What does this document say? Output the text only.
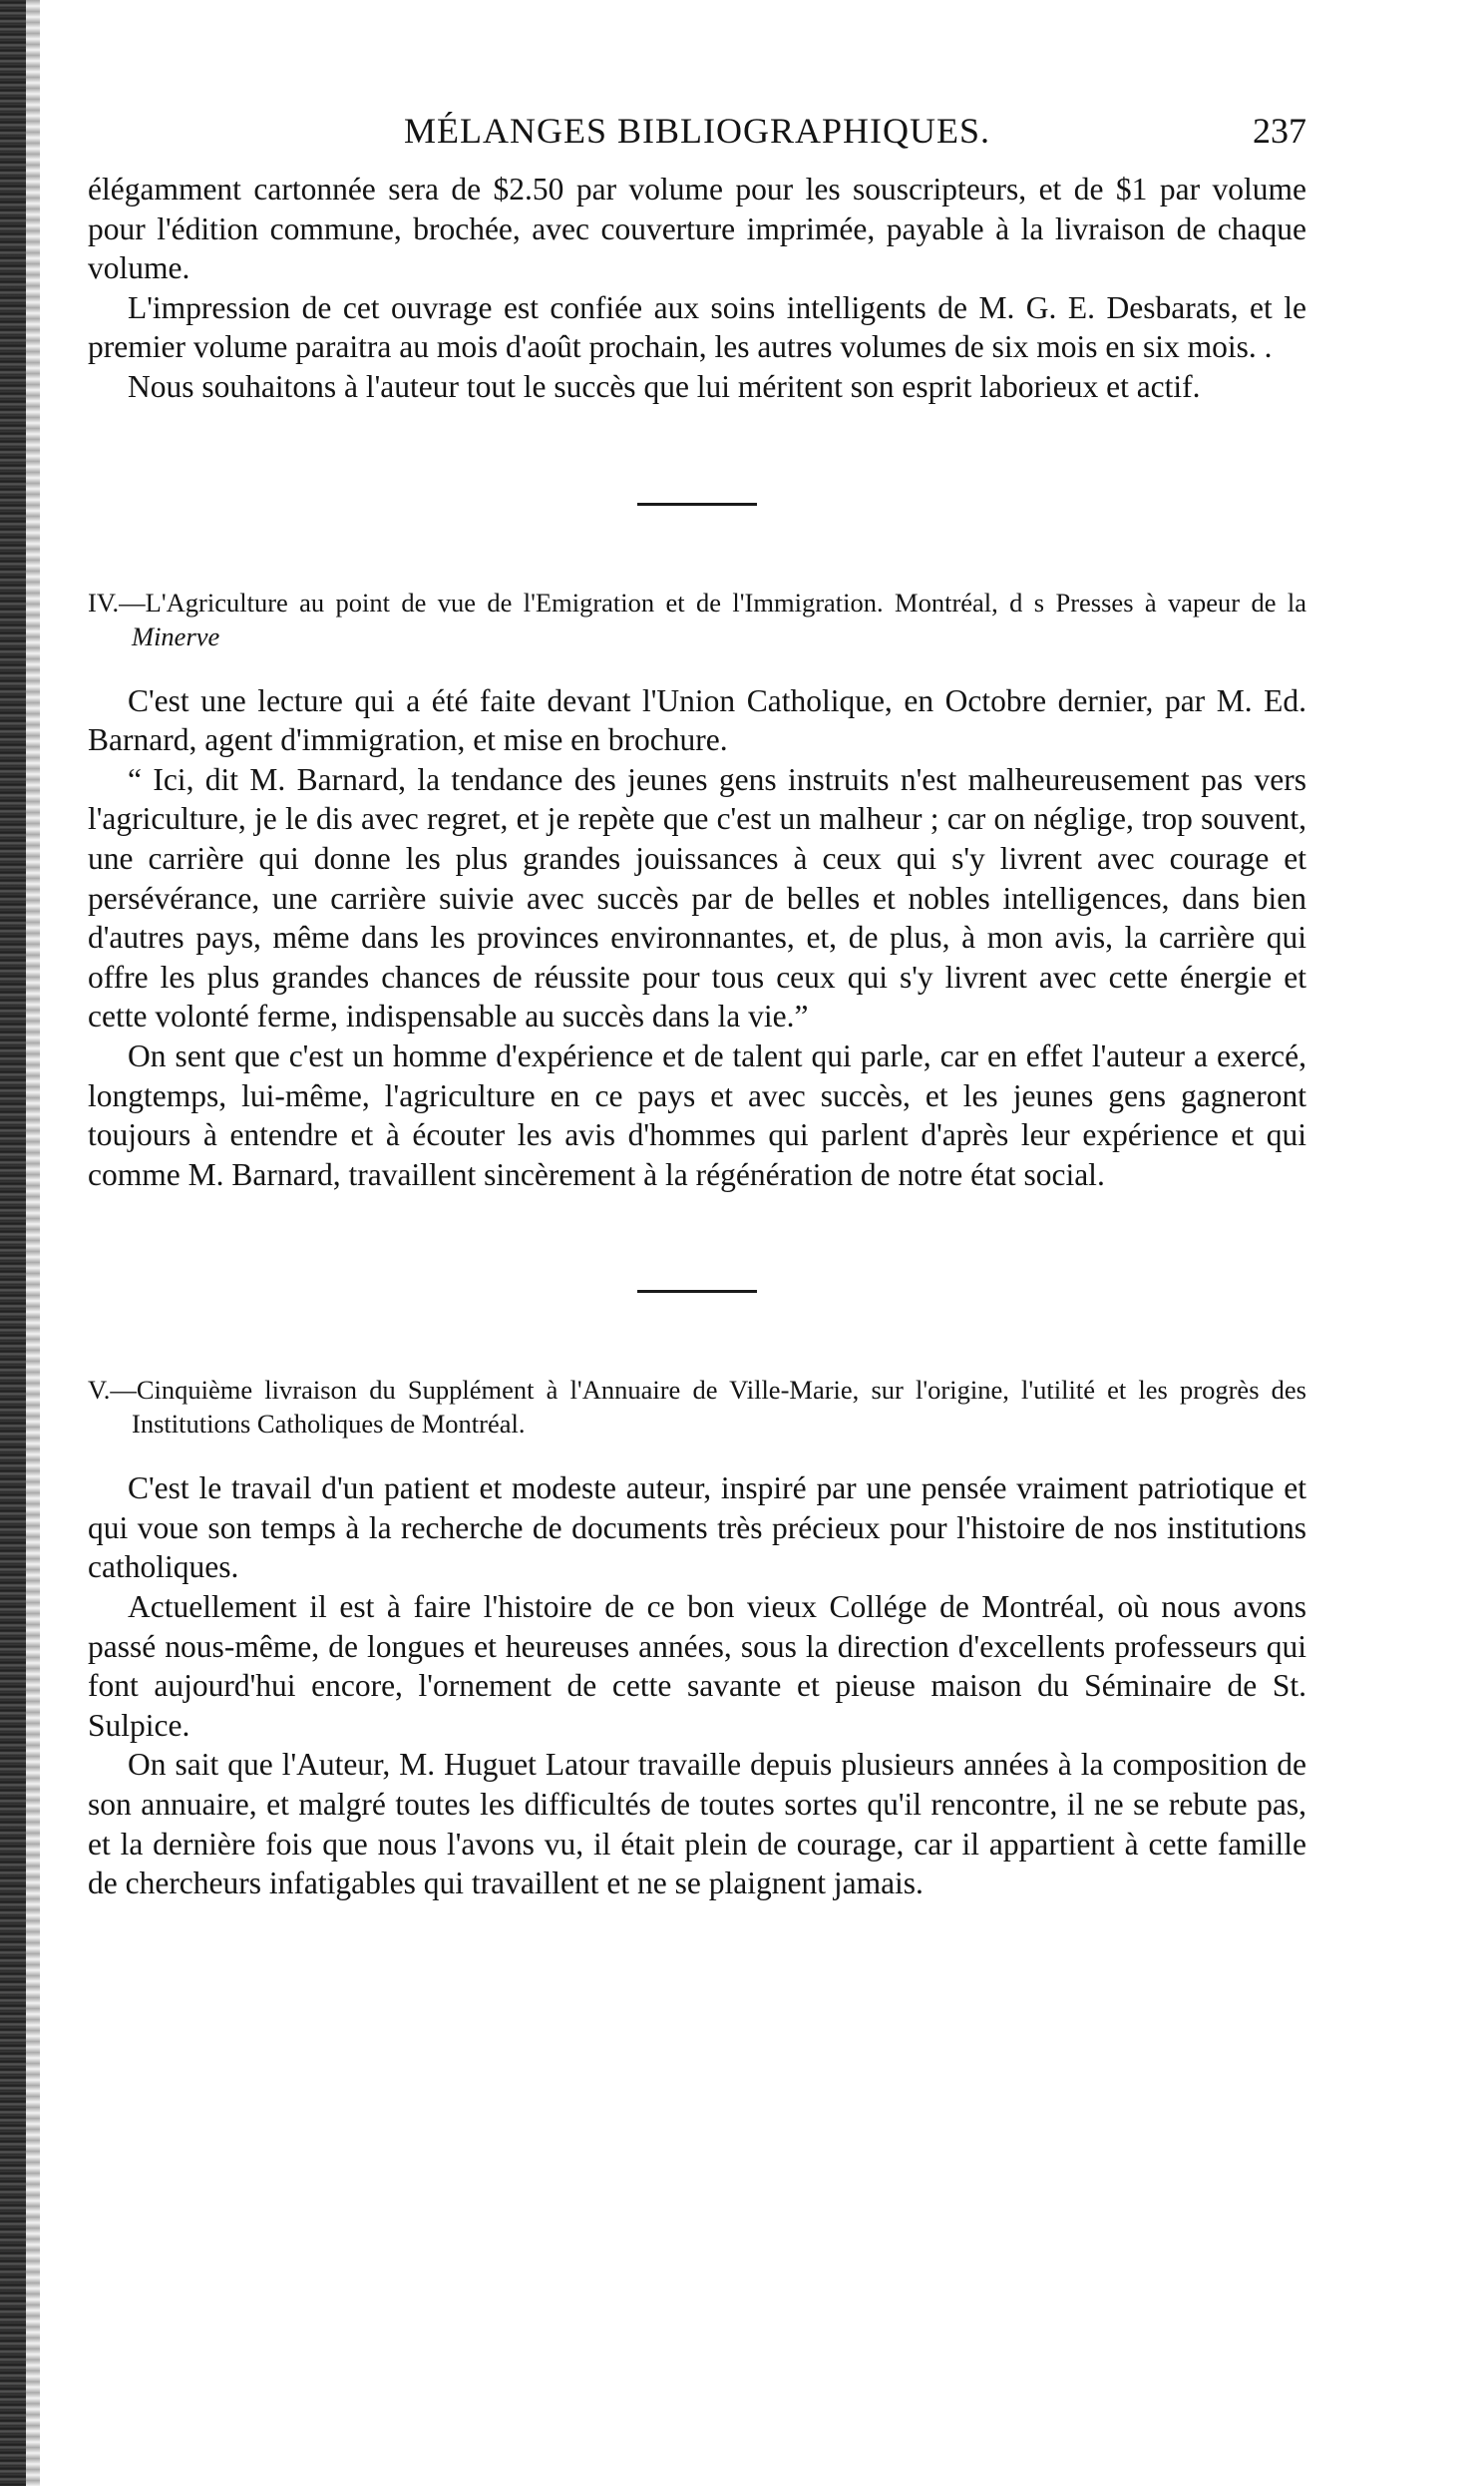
MÉLANGES BIBLIOGRAPHIQUES.	237

élégamment cartonnée sera de $2.50 par volume pour les souscripteurs, et de $1 par volume pour l'édition commune, brochée, avec couverture imprimée, payable à la livraison de chaque volume.

L'impression de cet ouvrage est confiée aux soins intelligents de M. G. E. Desbarats, et le premier volume paraitra au mois d'août prochain, les autres volumes de six mois en six mois. .

Nous souhaitons à l'auteur tout le succès que lui méritent son esprit laborieux et actif.

IV.—L'Agriculture au point de vue de l'Emigration et de l'Immigration. Montréal, d s Presses à vapeur de la Minerve

C'est une lecture qui a été faite devant l'Union Catholique, en Octobre dernier, par M. Ed. Barnard, agent d'immigration, et mise en brochure.

“ Ici, dit M. Barnard, la tendance des jeunes gens instruits n'est malheureusement pas vers l'agriculture, je le dis avec regret, et je repète que c'est un malheur ; car on néglige, trop souvent, une carrière qui donne les plus grandes jouissances à ceux qui s'y livrent avec courage et persévérance, une carrière suivie avec succès par de belles et nobles intelligences, dans bien d'autres pays, même dans les provinces environnantes, et, de plus, à mon avis, la carrière qui offre les plus grandes chances de réussite pour tous ceux qui s'y livrent avec cette énergie et cette volonté ferme, indispensable au succès dans la vie.”

On sent que c'est un homme d'expérience et de talent qui parle, car en effet l'auteur a exercé, longtemps, lui-même, l'agriculture en ce pays et avec succès, et les jeunes gens gagneront toujours à entendre et à écouter les avis d'hommes qui parlent d'après leur expérience et qui comme M. Barnard, travaillent sincèrement à la régénération de notre état social.

V.—Cinquième livraison du Supplément à l'Annuaire de Ville-Marie, sur l'origine, l'utilité et les progrès des Institutions Catholiques de Montréal.

C'est le travail d'un patient et modeste auteur, inspiré par une pensée vraiment patriotique et qui voue son temps à la recherche de documents très précieux pour l'histoire de nos institutions catholiques.

Actuellement il est à faire l'histoire de ce bon vieux Collége de Montréal, où nous avons passé nous-même, de longues et heureuses années, sous la direction d'excellents professeurs qui font aujourd'hui encore, l'ornement de cette savante et pieuse maison du Séminaire de St. Sulpice.

On sait que l'Auteur, M. Huguet Latour travaille depuis plusieurs années à la composition de son annuaire, et malgré toutes les difficultés de toutes sortes qu'il rencontre, il ne se rebute pas, et la dernière fois que nous l'avons vu, il était plein de courage, car il appartient à cette famille de chercheurs infatigables qui travaillent et ne se plaignent jamais.
